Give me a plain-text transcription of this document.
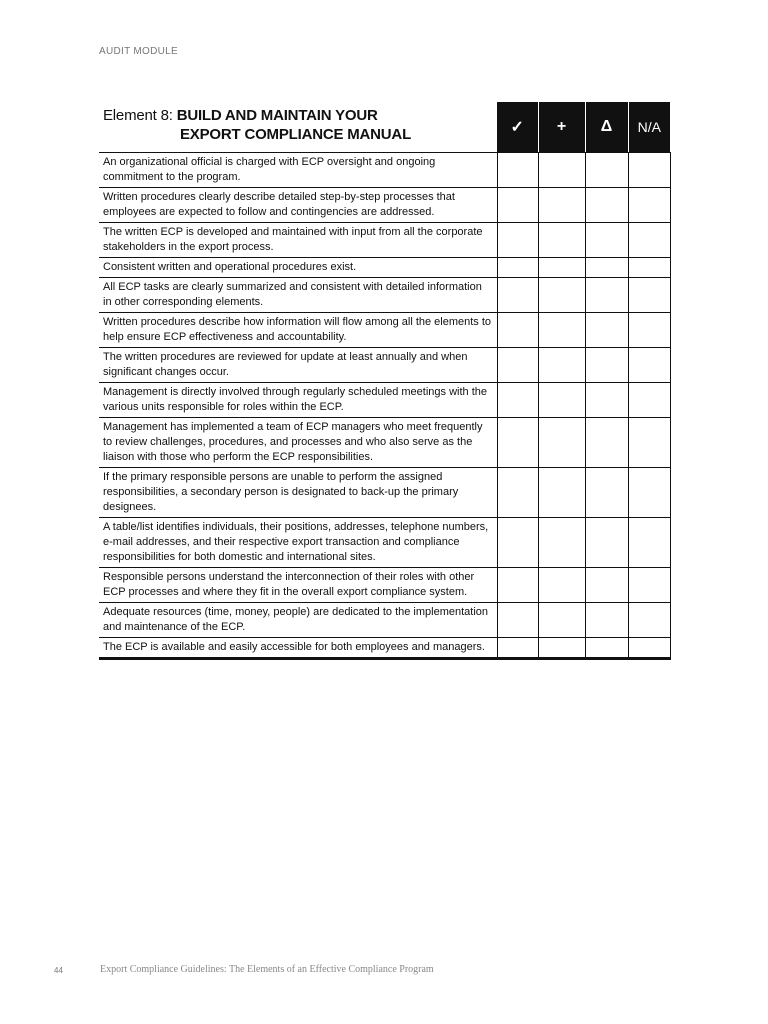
AUDIT MODULE
Element 8: BUILD AND MAINTAIN YOUR
EXPORT COMPLIANCE MANUAL	✓	+	Δ	N/A
An organizational official is charged with ECP oversight and ongoing commitment to the program.				
Written procedures clearly describe detailed step-by-step processes that employees are expected to follow and contingencies are addressed.				
The written ECP is developed and maintained with input from all the corporate stakeholders in the export process.				
Consistent written and operational procedures exist.				
All ECP tasks are clearly summarized and consistent with detailed information in other corresponding elements.				
Written procedures describe how information will flow among all the elements to help ensure ECP effectiveness and accountability.				
The written procedures are reviewed for update at least annually and when significant changes occur.				
Management is directly involved through regularly scheduled meetings with the various units responsible for roles within the ECP.				
Management has implemented a team of ECP managers who meet frequently to review challenges, procedures, and processes and who also serve as the liaison with those who perform the ECP responsibilities.				
If the primary responsible persons are unable to perform the assigned responsibilities, a secondary person is designated to back-up the primary designees.				
A table/list identifies individuals, their positions, addresses, telephone numbers, e-mail addresses, and their respective export transaction and compliance responsibilities for both domestic and international sites.				
Responsible persons understand the interconnection of their roles with other ECP processes and where they fit in the overall export compliance system.				
Adequate resources (time, money, people) are dedicated to the implementation and maintenance of the ECP.				
The ECP is available and easily accessible for both employees and managers.				
44	Export Compliance Guidelines: The Elements of an Effective Compliance Program
